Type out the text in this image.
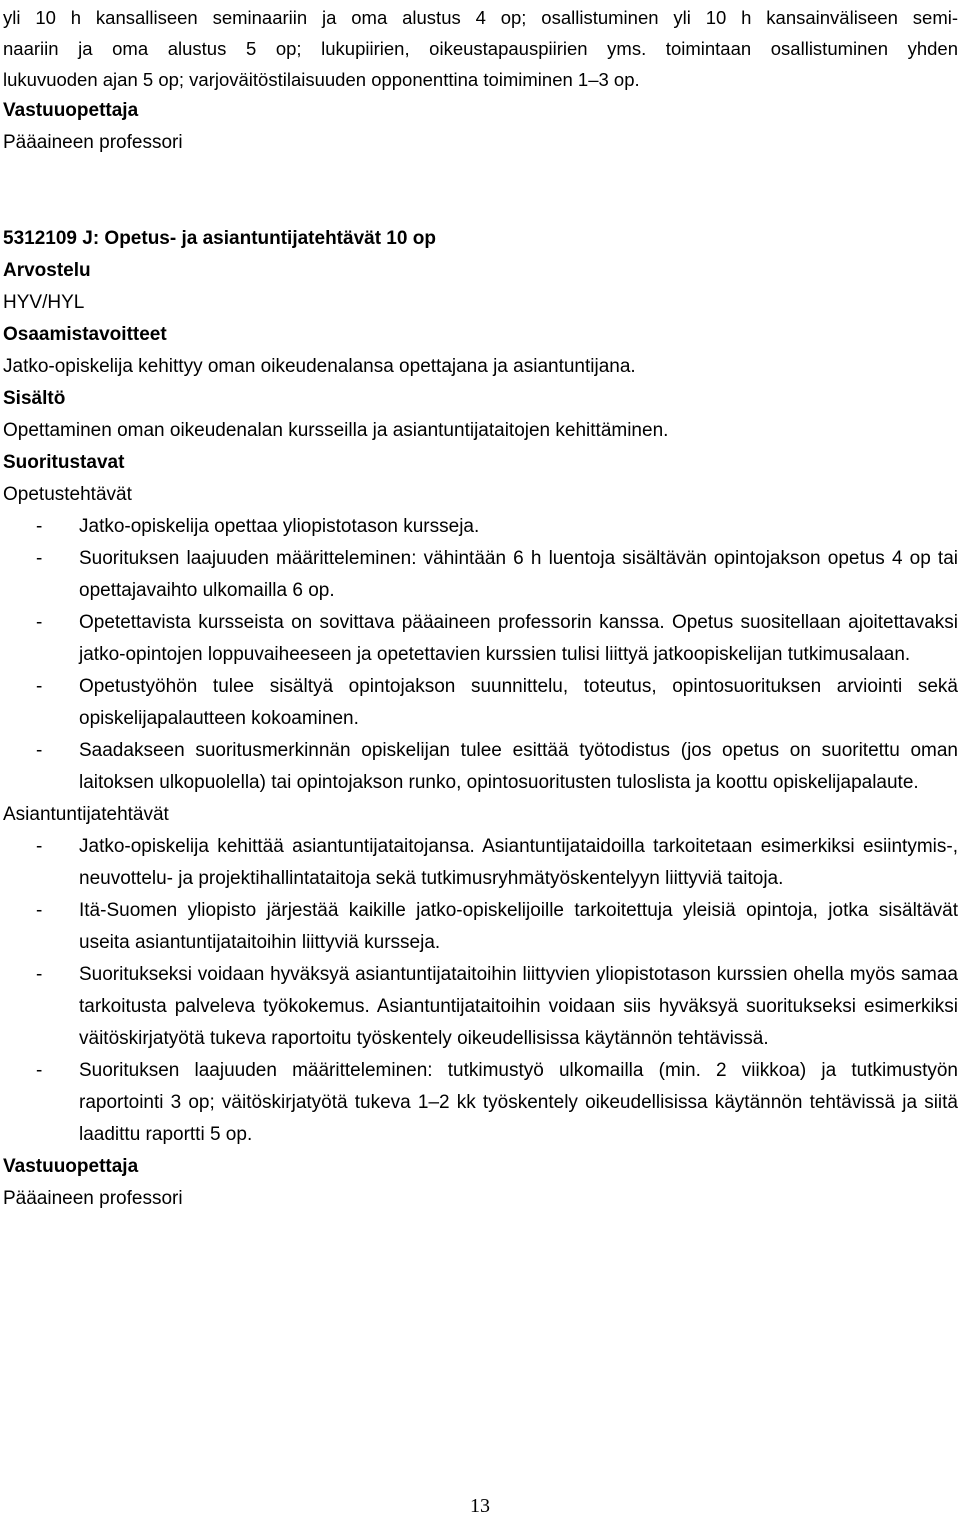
yli 10 h kansalliseen seminaariin ja oma alustus 4 op; osallistuminen yli 10 h kansainväliseen semi-

naariin ja oma alustus 5 op; lukupiirien, oikeustapauspiirien yms. toimintaan osallistuminen yhden

lukuvuoden ajan 5 op; varjoväitöstilaisuuden opponenttina toimiminen 1–3 op.

Vastuuopettaja
Pääaineen professori
5312109 J: Opetus- ja asiantuntijatehtävät 10 op
Arvostelu
HYV/HYL
Osaamistavoitteet
Jatko-opiskelija kehittyy oman oikeudenalansa opettajana ja asiantuntijana.
Sisältö
Opettaminen oman oikeudenalan kursseilla ja asiantuntijataitojen kehittäminen.
Suoritustavat
Opetustehtävät
- Jatko-opiskelija opettaa yliopistotason kursseja.
- Suorituksen laajuuden määritteleminen: vähintään 6 h luentoja sisältävän opintojakson opetus 4 op tai opettajavaihto ulkomailla 6 op.
- Opetettavista kursseista on sovittava pääaineen professorin kanssa. Opetus suositellaan ajoitettavaksi jatko-opintojen loppuvaiheeseen ja opetettavien kurssien tulisi liittyä jatkoopiskelijan tutkimusalaan.
- Opetustyöhön tulee sisältyä opintojakson suunnittelu, toteutus, opintosuorituksen arviointi sekä opiskelijapalautteen kokoaminen.
- Saadakseen suoritusmerkinnän opiskelijan tulee esittää työtodistus (jos opetus on suoritettu oman laitoksen ulkopuolella) tai opintojakson runko, opintosuoritusten tuloslista ja koottu opiskelijapalaute.
Asiantuntijatehtävät
- Jatko-opiskelija kehittää asiantuntijataitojansa. Asiantuntijataidoilla tarkoitetaan esimerkiksi esiintymis-, neuvottelu- ja projektihallintataitoja sekä tutkimusryhmätyöskentelyyn liittyviä taitoja.
- Itä-Suomen yliopisto järjestää kaikille jatko-opiskelijoille tarkoitettuja yleisiä opintoja, jotka sisältävät useita asiantuntijataitoihin liittyviä kursseja.
- Suoritukseksi voidaan hyväksyä asiantuntijataitoihin liittyvien yliopistotason kurssien ohella myös samaa tarkoitusta palveleva työkokemus. Asiantuntijataitoihin voidaan siis hyväksyä suoritukseksi esimerkiksi väitöskirjatyötä tukeva raportoitu työskentely oikeudellisissa käytännön tehtävissä.
- Suorituksen laajuuden määritteleminen: tutkimustyö ulkomailla (min. 2 viikkoa) ja tutkimustyön raportointi 3 op; väitöskirjatyötä tukeva 1–2 kk työskentely oikeudellisissa käytännön tehtävissä ja siitä laadittu raportti 5 op.
Vastuuopettaja
Pääaineen professori
13
